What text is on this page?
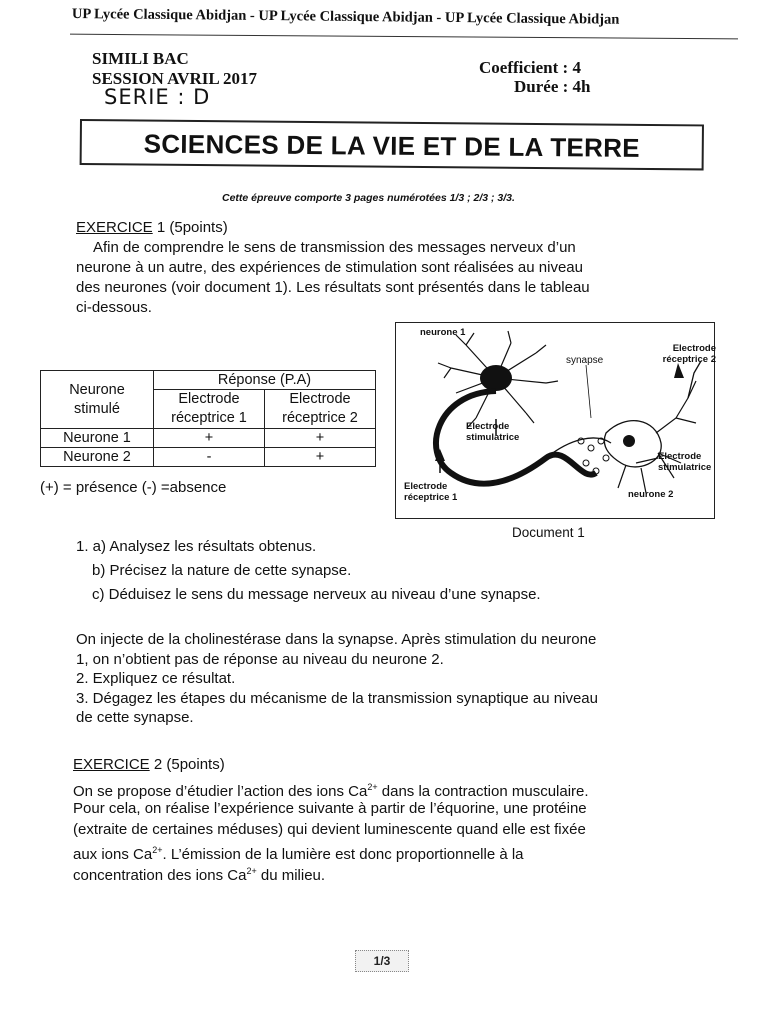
UP Lycée Classique Abidjan - UP Lycée Classique Abidjan - UP Lycée Classique Abidjan
SIMILI BAC
SESSION AVRIL 2017
SERIE : D
Coefficient : 4
Durée : 4h
SCIENCES DE LA VIE ET DE LA TERRE
Cette épreuve comporte 3 pages numérotées 1/3 ; 2/3 ; 3/3.
EXERCICE 1 (5points)
Afin de comprendre le sens de transmission des messages nerveux d’un
neurone à un autre, des expériences de stimulation sont réalisées au niveau
des neurones (voir document 1). Les résultats sont présentés dans le tableau
ci-dessous.
Neurone stimulé	Réponse (P.A)	
	Electrode réceptrice 1	Electrode réceptrice 2
Neurone 1	+	+
Neurone 2	-	+
(+) = présence (-) =absence
neurone 1
synapse
Electrode réceptrice 2
Electrode stimulatrice
Electrode stimulatrice
Electrode réceptrice 1	neurone 2
Document 1
1. a) Analysez les résultats obtenus.
b) Précisez la nature de cette synapse.
c) Déduisez le sens du message nerveux au niveau d’une synapse.
On injecte de la cholinestérase dans la synapse. Après stimulation du neurone
1, on n’obtient pas de réponse au niveau du neurone 2.
2. Expliquez ce résultat.
3. Dégagez les étapes du mécanisme de la transmission synaptique au niveau
de cette synapse.
EXERCICE 2 (5points)
On se propose d’étudier l’action des ions $Ca^{2+}$ dans la contraction musculaire.
Pour cela, on réalise l’expérience suivante à partir de l’équorine, une protéine
(extraite de certaines méduses) qui devient luminescente quand elle est fixée
aux ions $Ca^{2+}$. L’émission de la lumière est donc proportionnelle à la
concentration des ions $Ca^{2+}$ du milieu.
1/3
